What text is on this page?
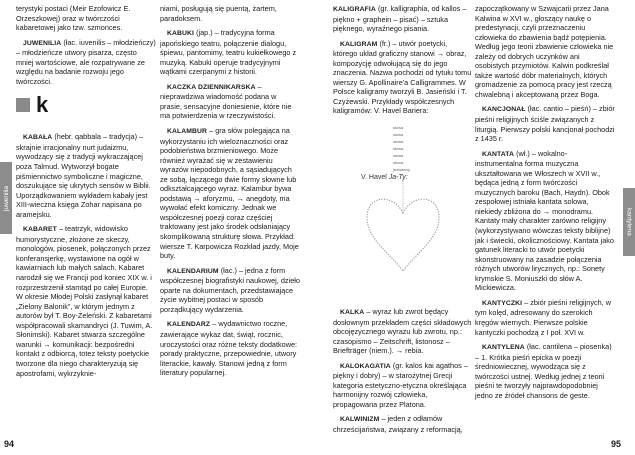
juwenilia

terystyki postaci (Meir Ezofowicz E. Orzeszkowej) oraz w twórczości kabaretowej jako tzw. szmonces.

JUWENILIA (łac. iuvenilis – młodzieńczy) – młodzieńcze utwory pisarza, często mniej wartościowe, ale rozpatrywane ze względu na badanie rozwoju jego twórczości.

k

KABAŁA (hebr. qabbala – tradycja) – skrajnie irracjonalny nurt judaizmu, wywodzący się z tradycji wykraczającej poza Talmud. Wytworzył bogate piśmiennictwo symboliczne i magiczne, doszukujące się ukrytych sensów w Biblii. Uporządkowaniem wykładem kabały jest XIII-wieczna księga Zohar napisana po aramejsku.

KABARET – teatrzyk, widowisko humorystyczne, złożone ze skeczy, monologów, piosenek, połączonych przez konferansjerkę, wystawione na ogół w kawiarniach lub małych salach. Kabaret narodził się we Francji pod koniec XIX w. i rozprzestrzenił stamtąd po całej Europie. W okresie Młodej Polski zasłynął kabaret „Zielony Balonik”, w którym jednym z autorów był T. Boy-Żeleński. Z kabaretami współpracowali skamandryci (J. Tuwim, A. Słonimski). Kabaret stwarza szczególne warunki → komunikacji: bezpośredni kontakt z odbiorcą, totez teksty poetyckie tworzone dla niego charakteryzują się apostrofami, wykrzyknie-

niami, posługują się puentą, żartem, paradoksem.

KABUKI (jap.) – tradycyjna forma japońskiego teatru, połączenie dialogu, śpiewu, pantomimy, teatru kukiełkowego z muzyką. Kabuki operuje tradycyjnymi wątkami czerpanymi z historii.

KACZKA DZIENNIKARSKA – nieprawdziwa wiadomość podana w prasie, sensacyjne doniesienie, które nie ma potwierdzenia w rzeczywistości.

KALAMBUR – gra słów polegająca na wykorzystaniu ich wieloznaczności oraz podobieństwa brzmieniowego. Może również wyrażać się w zestawieniu wyrazów niepodobnych, a sąsiadujących ze sobą, łączącego dwie formy słowne lub odkształcającego wyraz. Kalambur bywa podstawą → aforyzmu, → anegdoty, ma wywołać efekt komiczny. Jednak we współczesnej poezji coraz częściej traktowany jest jako środek odsłaniający skomplikowaną strukturę słowa. Przykład: wiersze T. Karpowicza Rozkład jazdy, Moje buty.

KALENDARIUM (łac.) – jedna z form współczesnej biografistyki naukowej, dzieło oparte na dokumentach, przedstawiające życie wybitnej postaci w sposób porządkujący wydarzenia.

KALENDARZ – wydawnictwo roczne, zawierające wykaz dat, świąt, rocznic, uroczystości oraz różne teksty dodatkowe: porady praktyczne, przepowiednie, utwory literackie, kawały. Stanowi jedną z form literatury popularnej.

94

KALIGRAFIA (gr. kalligraphia, od kallos – piękno + graphein – pisać) – sztuka pięknego, wyraźnego pisania.

KALIGRAM (fr.) – utwór poetycki, którego układ graficzny stanowi → obraz, kompozycję odwołującą się do jego znaczenia. Nazwa pochodzi od tytułu tomu wierszy G. Apollinaire'a Calligrammes. W Polsce kaligramy tworzyli B. Jasieński i T. Czyżewski. Przykłady współczesnych kaligramów: V. Havel Bariera:

słowa
słowa
słowa
słowa
słowa
słowa
jedwabny
V. Havel Ja-Ty:

KALKA – wyraz lub zwrot będący dosłownym przekładem części składowych obcojęzycznego wyrazu lub zwrotu, np.: czasopismo – Zeitschrift, listonosz – Briefträger (niem.). → rebia.

KALOKAGATIA (gr. kalos kai agathos – piękny i dobry) – w starożytnej Grecji kategoria estetyczno-etyczna określająca harmonijny rozwój człowieka, propagowana przez Platona.

KALWINIZM – jeden z odłamów chrześcijaństwa, związany z reformacją,

zapoczątkowany w Szwajcarii przez Jana Kalwina w XVI w., głoszący naukę o predestynacji, czyli przeznaczeniu człowieka do zbawienia bądź potępienia. Według jego teorii zbawienie człowieka nie zależy od dobrych uczynków ani osobistych przymiotów. Kalwin podkreślał także wartość dóbr materialnych, których gromadzenie za pomocą pracy jest rzeczą chwalebną i akceptowaną przez Boga.

KANCJONAŁ (łac. cantio – pieśń) – zbiór pieśni religijnych ściśle związanych z liturgią. Pierwszy polski kancjonał pochodzi z 1435 r.

KANTATA (wł.) – wokalno-instrumentalna forma muzyczna ukształtowana we Włoszech w XVII w., będąca jedną z form twórczości muzycznych baroku (Bach, Haydn). Obok zespołowej istniała kantata solowa, niekiedy zbliżona do → monodramu. Kantaty mały charakter zarówno religijny (wykorzystywano wówczas teksty biblijne) jak i świecki, okolicznościowy. Kantata jako gatunek literacki to utwór poetycki skonstruowany na zasadzie połączenia różnych utworów lirycznych, np.: Sonety krymskie S. Moniuszki do słów A. Mickiewicza.

KANTYCZKI – zbiór pieśni religijnych, w tym kolęd, adresowany do szerokich kręgów wiernych. Pierwsze polskie kantyczki pochodzą z I poł. XVI w.

KANTYLENA (łac. cantilena – piosenka) – 1. Krótka pieśń epicka w poezji średniowiecznej, wywodząca się z twórczości ustnej. Według jednej z teorii pieśni te tworzyły najprawdopodobniej jedno ze źródeł chansons de geste.

kantylena
95
